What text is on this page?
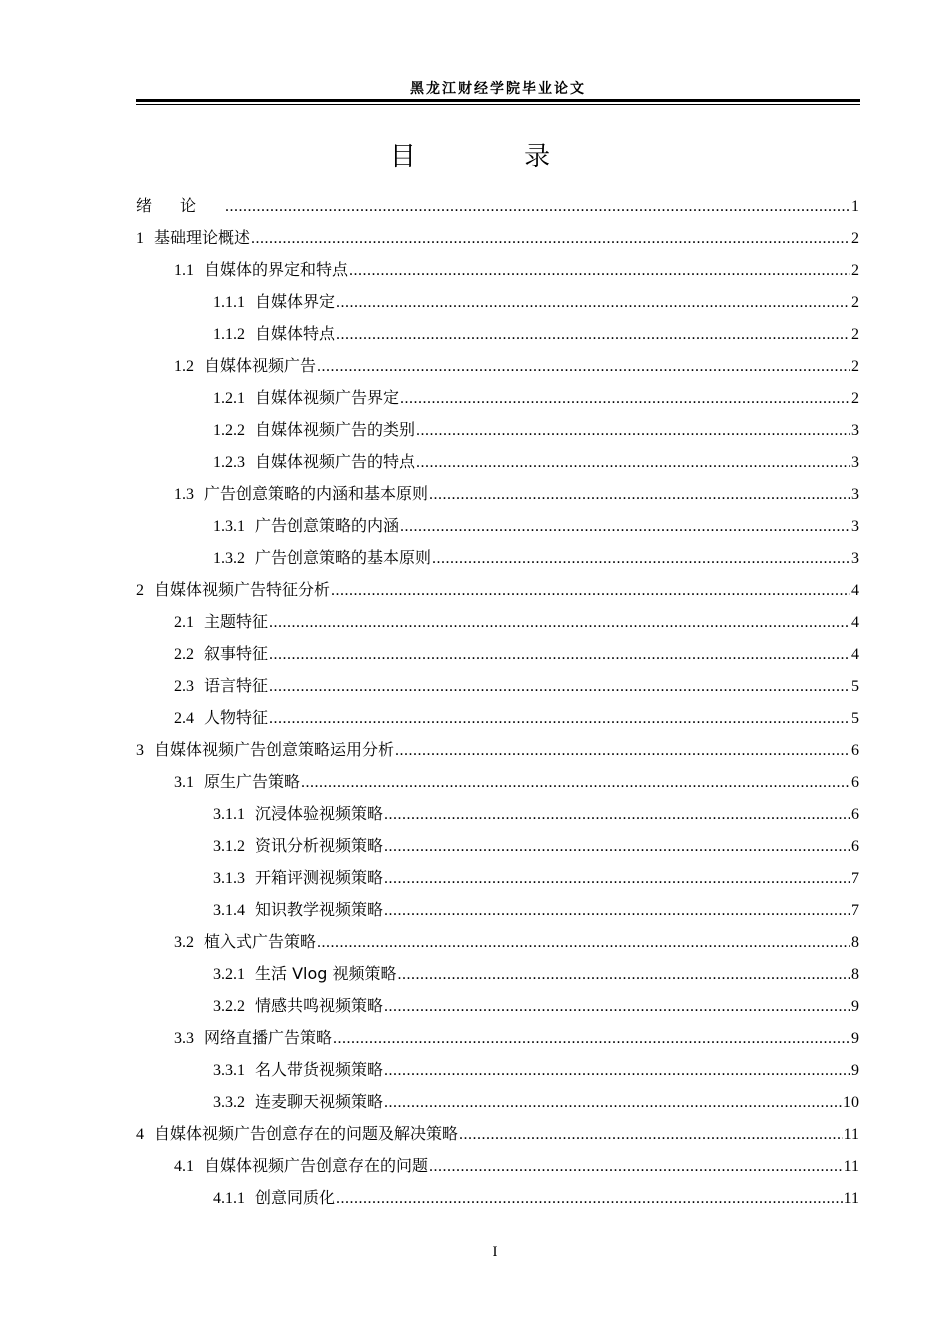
黑龙江财经学院毕业论文
目 录
绪论 .....	1
1 基础理论概述 .....	2
1.1 自媒体的界定和特点 .....	2
1.1.1 自媒体界定 .....	2
1.1.2 自媒体特点 .....	2
1.2 自媒体视频广告 .....	2
1.2.1 自媒体视频广告界定 .....	2
1.2.2 自媒体视频广告的类别 .....	3
1.2.3 自媒体视频广告的特点 .....	3
1.3 广告创意策略的内涵和基本原则 .....	3
1.3.1 广告创意策略的内涵 .....	3
1.3.2 广告创意策略的基本原则 .....	3
2 自媒体视频广告特征分析 .....	4
2.1 主题特征 .....	4
2.2 叙事特征 .....	4
2.3 语言特征 .....	5
2.4 人物特征 .....	5
3 自媒体视频广告创意策略运用分析 .....	6
3.1 原生广告策略 .....	6
3.1.1 沉浸体验视频策略 .....	6
3.1.2 资讯分析视频策略 .....	6
3.1.3 开箱评测视频策略 .....	7
3.1.4 知识教学视频策略 .....	7
3.2 植入式广告策略 .....	8
3.2.1 生活 Vlog 视频策略 .....	8
3.2.2 情感共鸣视频策略 .....	9
3.3 网络直播广告策略 .....	9
3.3.1 名人带货视频策略 .....	9
3.3.2 连麦聊天视频策略 .....	10
4 自媒体视频广告创意存在的问题及解决策略 .....	11
4.1 自媒体视频广告创意存在的问题 .....	11
4.1.1 创意同质化 .....	11
I
